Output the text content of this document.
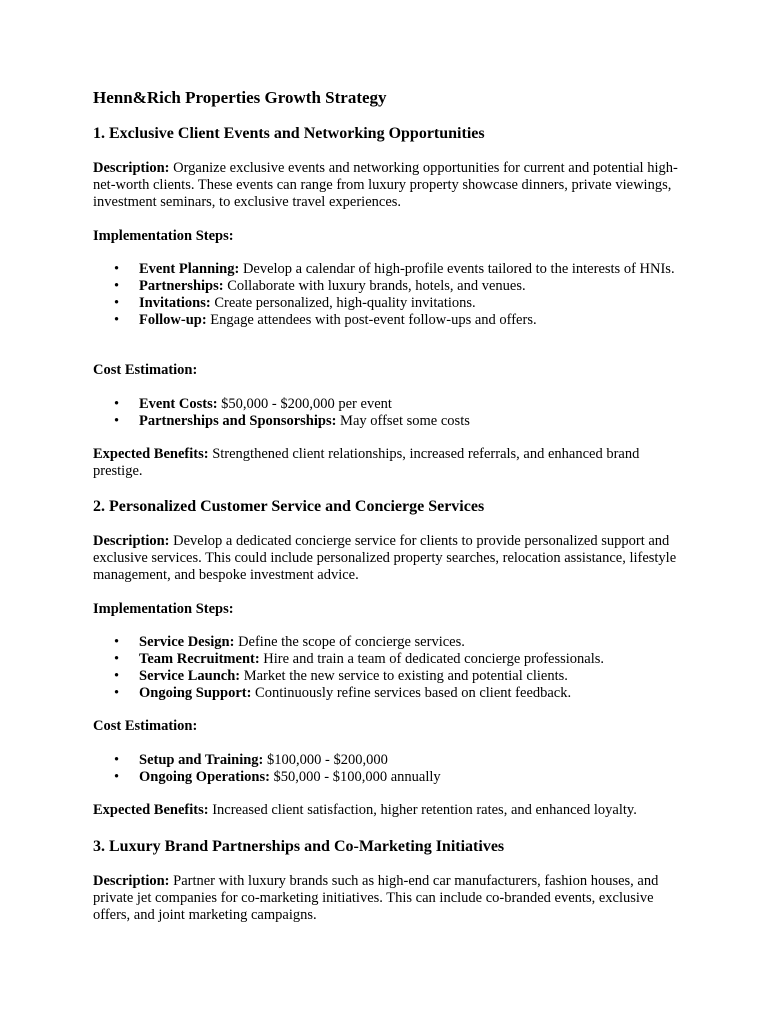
Henn&Rich Properties Growth Strategy
1. Exclusive Client Events and Networking Opportunities

Description: Organize exclusive events and networking opportunities for current and potential high-net-worth clients. These events can range from luxury property showcase dinners, private viewings, investment seminars, to exclusive travel experiences.

Implementation Steps:

• Event Planning: Develop a calendar of high-profile events tailored to the interests of HNIs.
• Partnerships: Collaborate with luxury brands, hotels, and venues.
• Invitations: Create personalized, high-quality invitations.
• Follow-up: Engage attendees with post-event follow-ups and offers.

Cost Estimation:

• Event Costs: $50,000 - $200,000 per event
• Partnerships and Sponsorships: May offset some costs

Expected Benefits: Strengthened client relationships, increased referrals, and enhanced brand prestige.

2. Personalized Customer Service and Concierge Services

Description: Develop a dedicated concierge service for clients to provide personalized support and exclusive services. This could include personalized property searches, relocation assistance, lifestyle management, and bespoke investment advice.

Implementation Steps:

• Service Design: Define the scope of concierge services.
• Team Recruitment: Hire and train a team of dedicated concierge professionals.
• Service Launch: Market the new service to existing and potential clients.
• Ongoing Support: Continuously refine services based on client feedback.

Cost Estimation:

• Setup and Training: $100,000 - $200,000
• Ongoing Operations: $50,000 - $100,000 annually

Expected Benefits: Increased client satisfaction, higher retention rates, and enhanced loyalty.

3. Luxury Brand Partnerships and Co-Marketing Initiatives

Description: Partner with luxury brands such as high-end car manufacturers, fashion houses, and private jet companies for co-marketing initiatives. This can include co-branded events, exclusive offers, and joint marketing campaigns.
